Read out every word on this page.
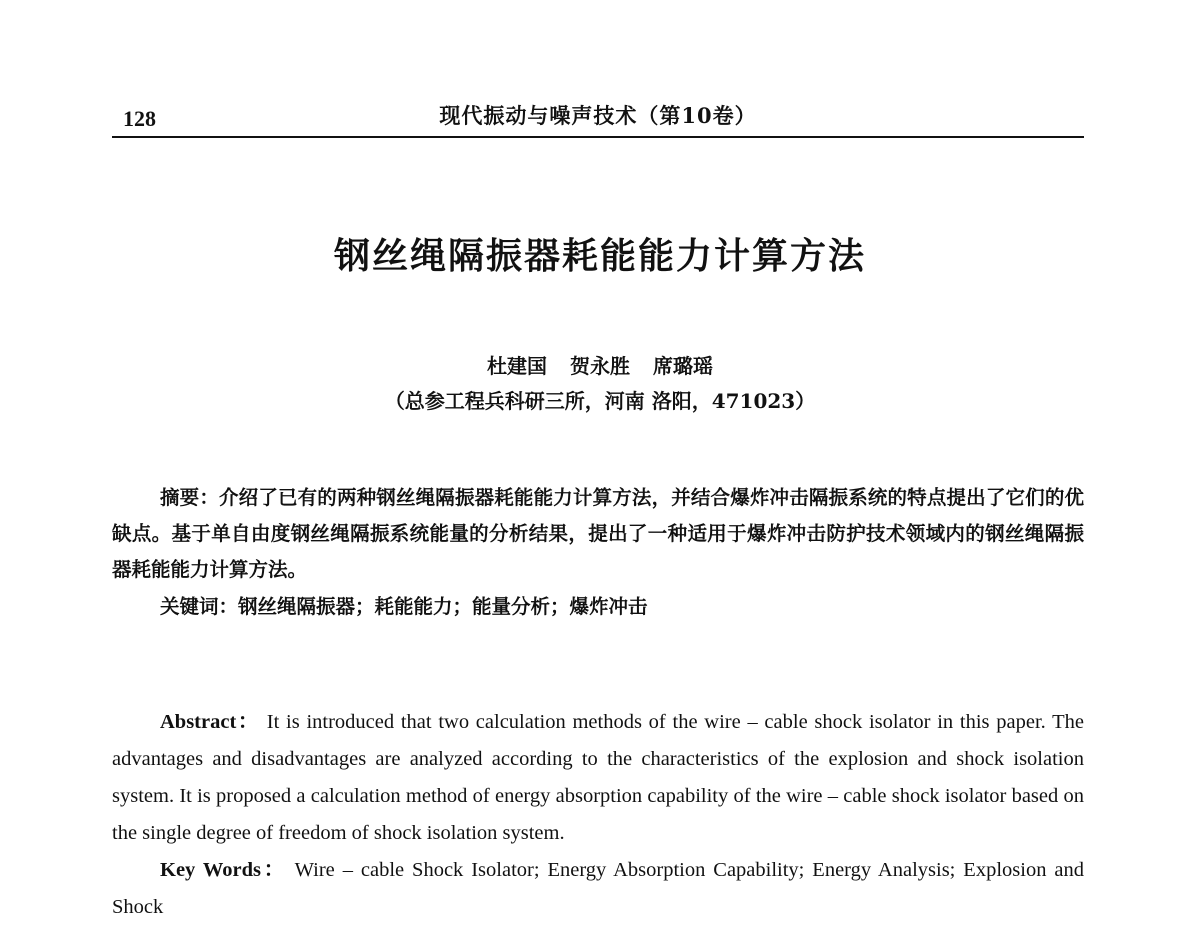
128	现代振动与噪声技术（第10卷）
钢丝绳隔振器耗能能力计算方法
杜建国 贺永胜 席璐瑶
（总参工程兵科研三所，河南 洛阳，471023）

摘要：介绍了已有的两种钢丝绳隔振器耗能能力计算方法，并结合爆炸冲击隔振系统的特点提出了它们的优缺点。基于单自由度钢丝绳隔振系统能量的分析结果，提出了一种适用于爆炸冲击防护技术领域内的钢丝绳隔振器耗能能力计算方法。

关键词：钢丝绳隔振器；耗能能力；能量分析；爆炸冲击

Abstract： It is introduced that two calculation methods of the wire – cable shock isolator in this paper. The advantages and disadvantages are analyzed according to the characteristics of the explosion and shock isolation system. It is proposed a calculation method of energy absorption capability of the wire – cable shock isolator based on the single degree of freedom of shock isolation system.

Key Words： Wire – cable Shock Isolator; Energy Absorption Capability; Energy Analysis; Explosion and Shock
